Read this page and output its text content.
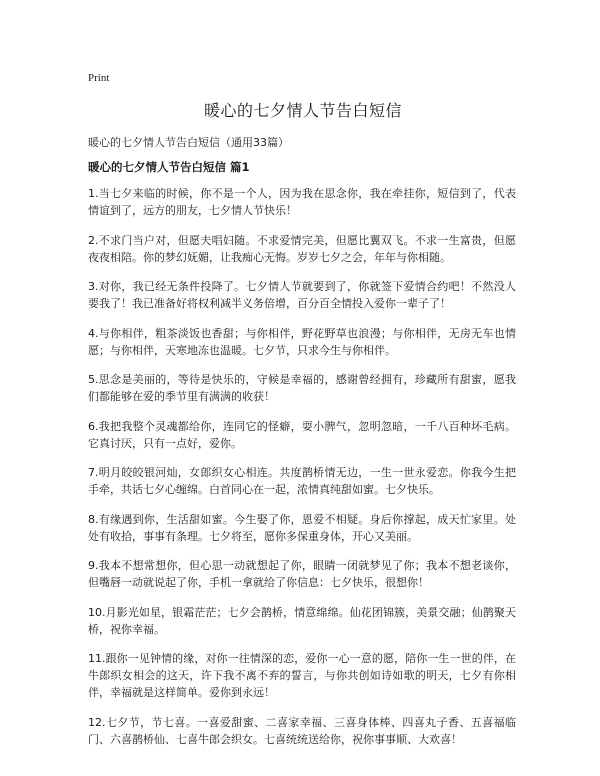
Print
暖心的七夕情人节告白短信

暖心的七夕情人节告白短信（通用33篇）

暖心的七夕情人节告白短信 篇1

1.当七夕来临的时候，你不是一个人，因为我在思念你，我在牵挂你，短信到了，代表情谊到了，远方的朋友，七夕情人节快乐！

2.不求门当户对，但愿夫唱妇随。不求爱情完美，但愿比翼双飞。不求一生富贵，但愿夜夜相陪。你的梦幻妩媚，让我痴心无悔。岁岁七夕之会，年年与你相随。

3.对你，我已经无条件投降了。七夕情人节就要到了，你就签下爱情合约吧！不然没人要我了！我已准备好将权利减半义务倍增，百分百全情投入爱你一辈子了！

4.与你相伴，粗茶淡饭也香甜；与你相伴，野花野草也浪漫；与你相伴，无房无车也情愿；与你相伴，天寒地冻也温暖。七夕节，只求今生与你相伴。

5.思念是美丽的，等待是快乐的，守候是幸福的，感谢曾经拥有，珍藏所有甜蜜，愿我们都能够在爱的季节里有满满的收获！

6.我把我整个灵魂都给你，连同它的怪癖，耍小脾气，忽明忽暗，一千八百种坏毛病。它真讨厌，只有一点好，爱你。

7.明月皎皎银河灿，女郎织女心相连。共度鹊桥情无边，一生一世永爱恋。你我今生把手牵，共话七夕心缠绵。白首同心在一起，浓情真纯甜如蜜。七夕快乐。

8.有缘遇到你，生活甜如蜜。今生娶了你，恩爱不相疑。身后你撑起，成天忙家里。处处有收拾，事事有条理。七夕将至，愿你多保重身体，开心又美丽。

9.我本不想常想你，但心思一动就想起了你，眼睛一闭就梦见了你；我本不想老谈你，但嘴唇一动就说起了你，手机一拿就给了你信息：七夕快乐，很想你！

10.月影光如星，银霜茫茫；七夕会鹊桥，情意绵绵。仙花团锦簇，美景交融；仙鹊聚天桥，祝你幸福。

11.跟你一见钟情的缘，对你一往情深的恋，爱你一心一意的愿，陪你一生一世的伴，在牛郎织女相会的这天，许下我不离不弃的誓言，与你共创如诗如歌的明天，七夕有你相伴，幸福就是这样简单。爱你到永远！

12.七夕节，节七喜。一喜爱甜蜜、二喜家幸福、三喜身体棒、四喜丸子香、五喜福临门、六喜鹊桥仙、七喜牛郎会织女。七喜统统送给你，祝你事事顺、大欢喜！
